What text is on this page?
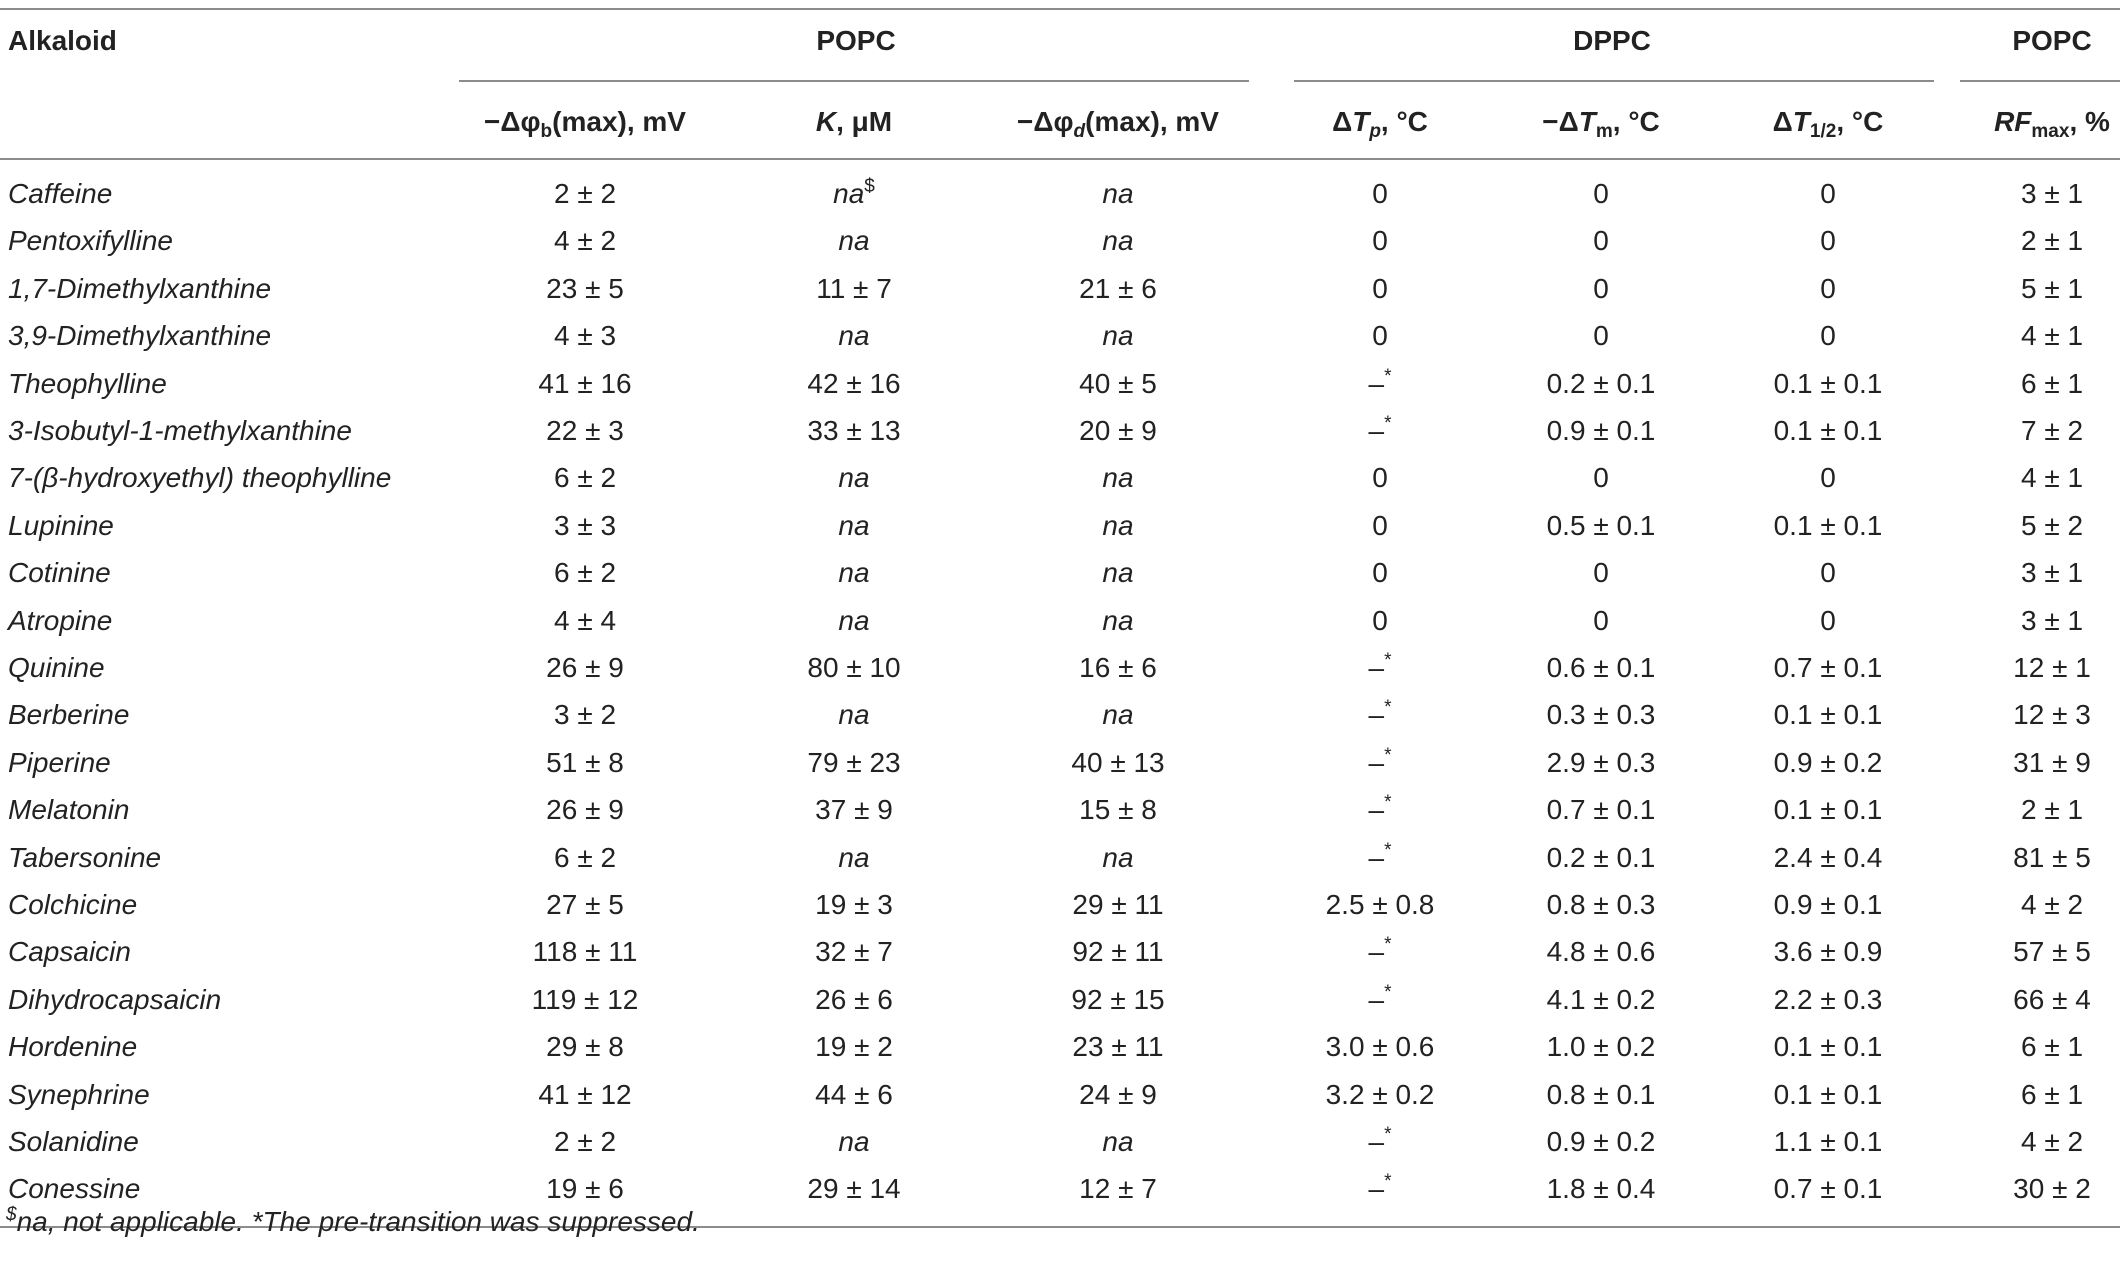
Alkaloid	POPC	DPPC	POPC
$-\Delta\varphi_b(\max)$, mV	K, μM	$-\Delta\varphi_d(\max)$, mV	$\Delta T_p$, °C	$-\Delta T_m$, °C	$\Delta T_{1/2}$, °C	$RF_{max}$, %
Caffeine	2 ± 2	na$	na	0	0	0	3 ± 1
Pentoxifylline	4 ± 2	na	na	0	0	0	2 ± 1
1,7-Dimethylxanthine	23 ± 5	11 ± 7	21 ± 6	0	0	0	5 ± 1
3,9-Dimethylxanthine	4 ± 3	na	na	0	0	0	4 ± 1
Theophylline	41 ± 16	42 ± 16	40 ± 5	–*	0.2 ± 0.1	0.1 ± 0.1	6 ± 1
3-Isobutyl-1-methylxanthine	22 ± 3	33 ± 13	20 ± 9	–*	0.9 ± 0.1	0.1 ± 0.1	7 ± 2
7-(β-hydroxyethyl) theophylline	6 ± 2	na	na	0	0	0	4 ± 1
Lupinine	3 ± 3	na	na	0	0.5 ± 0.1	0.1 ± 0.1	5 ± 2
Cotinine	6 ± 2	na	na	0	0	0	3 ± 1
Atropine	4 ± 4	na	na	0	0	0	3 ± 1
Quinine	26 ± 9	80 ± 10	16 ± 6	–*	0.6 ± 0.1	0.7 ± 0.1	12 ± 1
Berberine	3 ± 2	na	na	–*	0.3 ± 0.3	0.1 ± 0.1	12 ± 3
Piperine	51 ± 8	79 ± 23	40 ± 13	–*	2.9 ± 0.3	0.9 ± 0.2	31 ± 9
Melatonin	26 ± 9	37 ± 9	15 ± 8	–*	0.7 ± 0.1	0.1 ± 0.1	2 ± 1
Tabersonine	6 ± 2	na	na	–*	0.2 ± 0.1	2.4 ± 0.4	81 ± 5
Colchicine	27 ± 5	19 ± 3	29 ± 11	2.5 ± 0.8	0.8 ± 0.3	0.9 ± 0.1	4 ± 2
Capsaicin	118 ± 11	32 ± 7	92 ± 11	–*	4.8 ± 0.6	3.6 ± 0.9	57 ± 5
Dihydrocapsaicin	119 ± 12	26 ± 6	92 ± 15	–*	4.1 ± 0.2	2.2 ± 0.3	66 ± 4
Hordenine	29 ± 8	19 ± 2	23 ± 11	3.0 ± 0.6	1.0 ± 0.2	0.1 ± 0.1	6 ± 1
Synephrine	41 ± 12	44 ± 6	24 ± 9	3.2 ± 0.2	0.8 ± 0.1	0.1 ± 0.1	6 ± 1
Solanidine	2 ± 2	na	na	–*	0.9 ± 0.2	1.1 ± 0.1	4 ± 2
Conessine	19 ± 6	29 ± 14	12 ± 7	–*	1.8 ± 0.4	0.7 ± 0.1	30 ± 2
$na, not applicable. *The pre-transition was suppressed.
